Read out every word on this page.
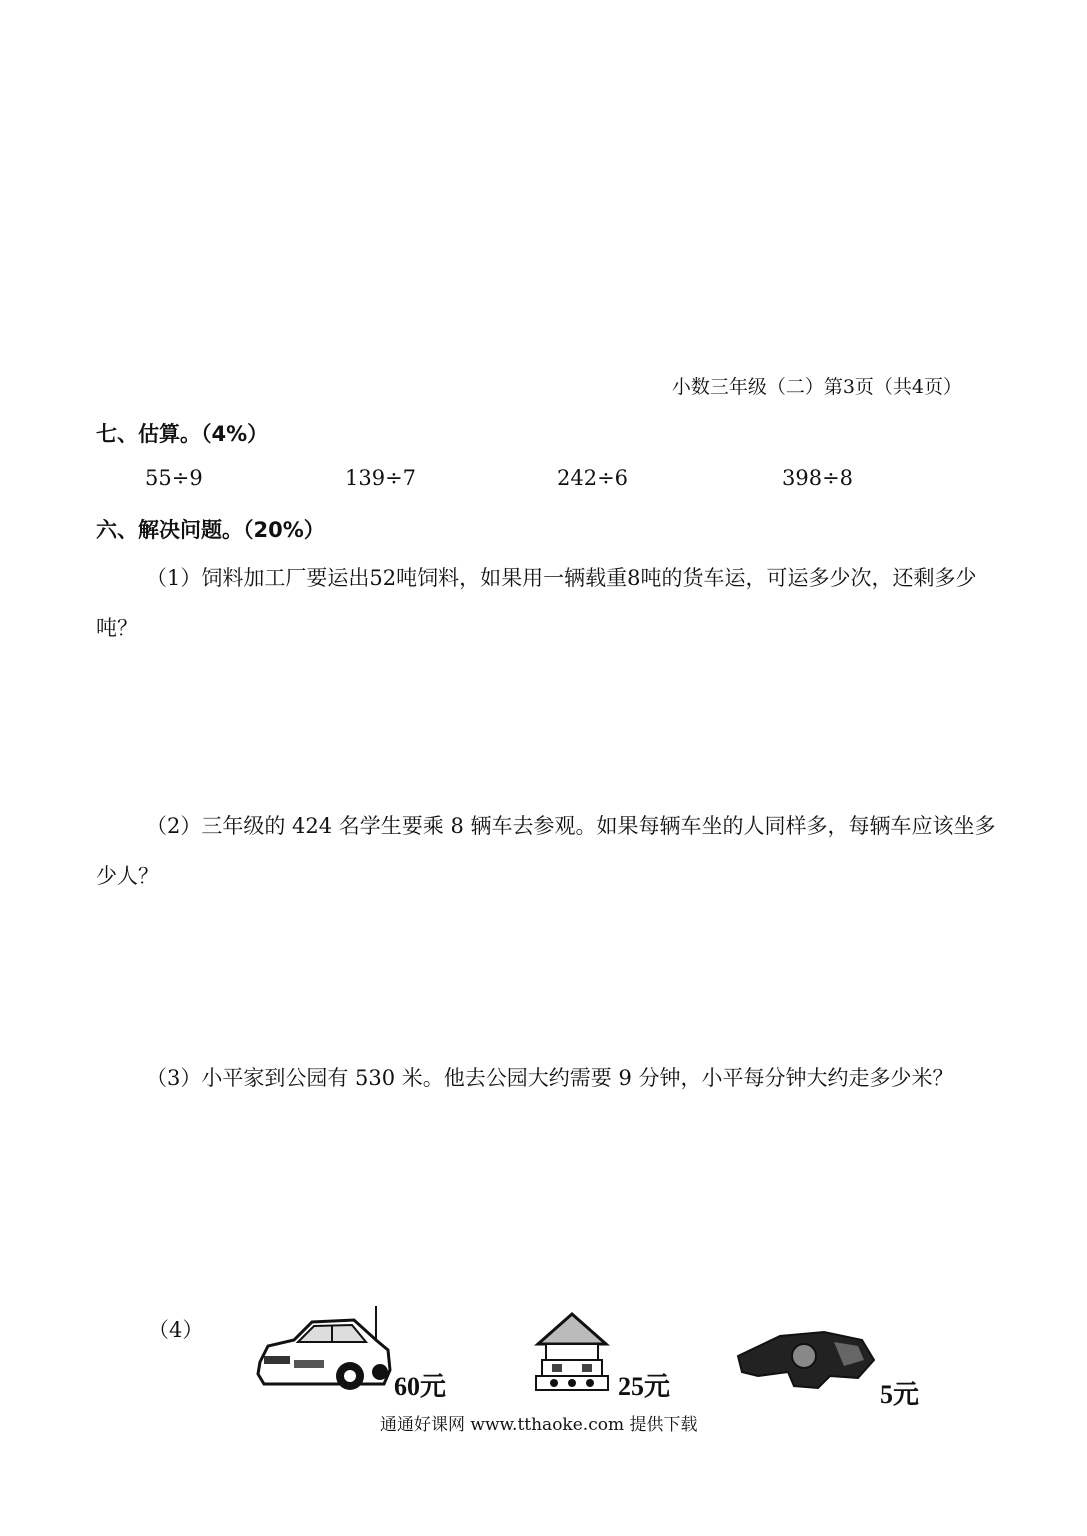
小数三年级（二）第3页（共4页）
七、估算。（4%）
55÷9	139÷7	242÷6	398÷8
六、解决问题。（20%）
（1）饲料加工厂要运出52吨饲料，如果用一辆载重8吨的货车运，可运多少次，还剩多少吨？
（2）三年级的 424 名学生要乘 8 辆车去参观。如果每辆车坐的人同样多，每辆车应该坐多少人？
（3）小平家到公园有 530 米。他去公园大约需要 9 分钟，小平每分钟大约走多少米？
（4）
60元	25元	5元
通通好课网 www.tthaoke.com 提供下载
